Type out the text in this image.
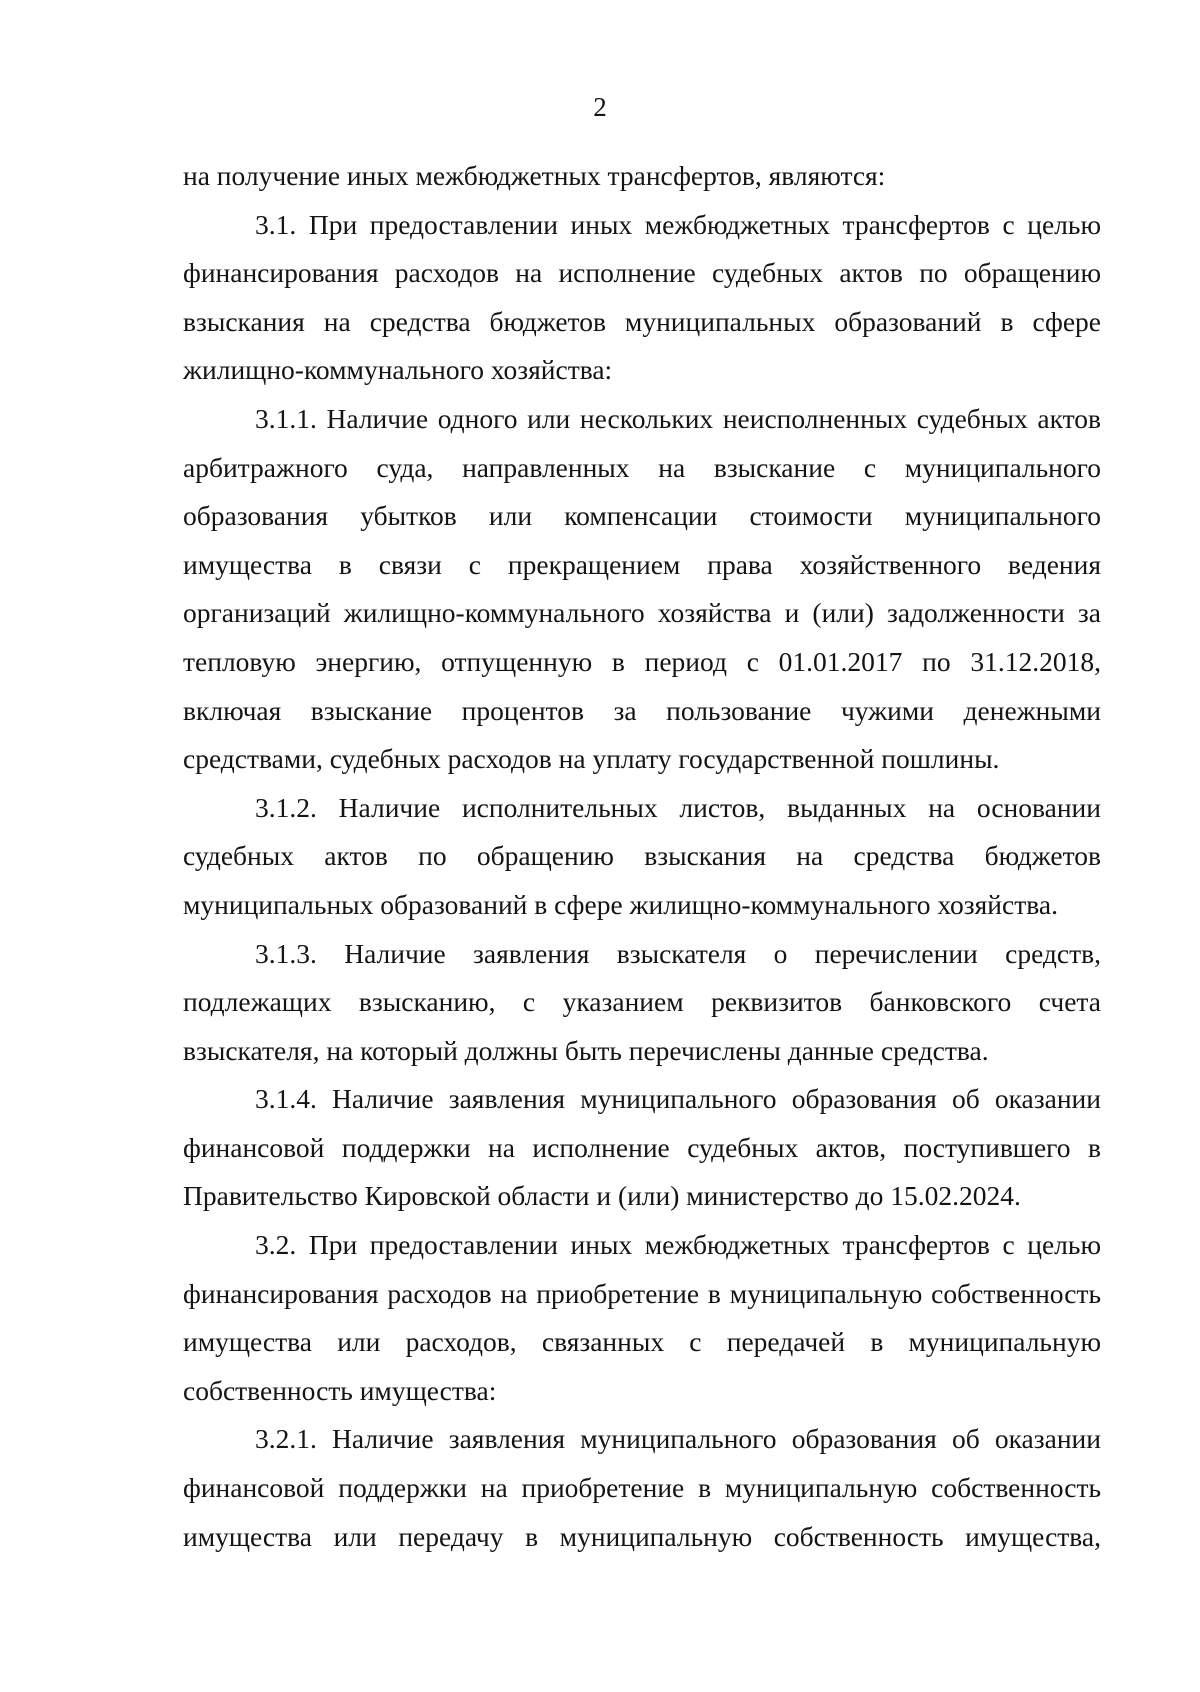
2

на получение иных межбюджетных трансфертов, являются:

3.1. При предоставлении иных межбюджетных трансфертов с целью финансирования расходов на исполнение судебных актов по обращению взыскания на средства бюджетов муниципальных образований в сфере жилищно-коммунального хозяйства:

3.1.1. Наличие одного или нескольких неисполненных судебных актов арбитражного суда, направленных на взыскание с муниципального образования убытков или компенсации стоимости муниципального имущества в связи с прекращением права хозяйственного ведения организаций жилищно-коммунального хозяйства и (или) задолженности за тепловую энергию, отпущенную в период с 01.01.2017 по 31.12.2018, включая взыскание процентов за пользование чужими денежными средствами, судебных расходов на уплату государственной пошлины.

3.1.2. Наличие исполнительных листов, выданных на основании судебных актов по обращению взыскания на средства бюджетов муниципальных образований в сфере жилищно-коммунального хозяйства.

3.1.3. Наличие заявления взыскателя о перечислении средств, подлежащих взысканию, с указанием реквизитов банковского счета взыскателя, на который должны быть перечислены данные средства.

3.1.4. Наличие заявления муниципального образования об оказании финансовой поддержки на исполнение судебных актов, поступившего в Правительство Кировской области и (или) министерство до 15.02.2024.

3.2. При предоставлении иных межбюджетных трансфертов с целью финансирования расходов на приобретение в муниципальную собственность имущества или расходов, связанных с передачей в муниципальную собственность имущества:

3.2.1. Наличие заявления муниципального образования об оказании финансовой поддержки на приобретение в муниципальную собственность имущества или передачу в муниципальную собственность имущества,
